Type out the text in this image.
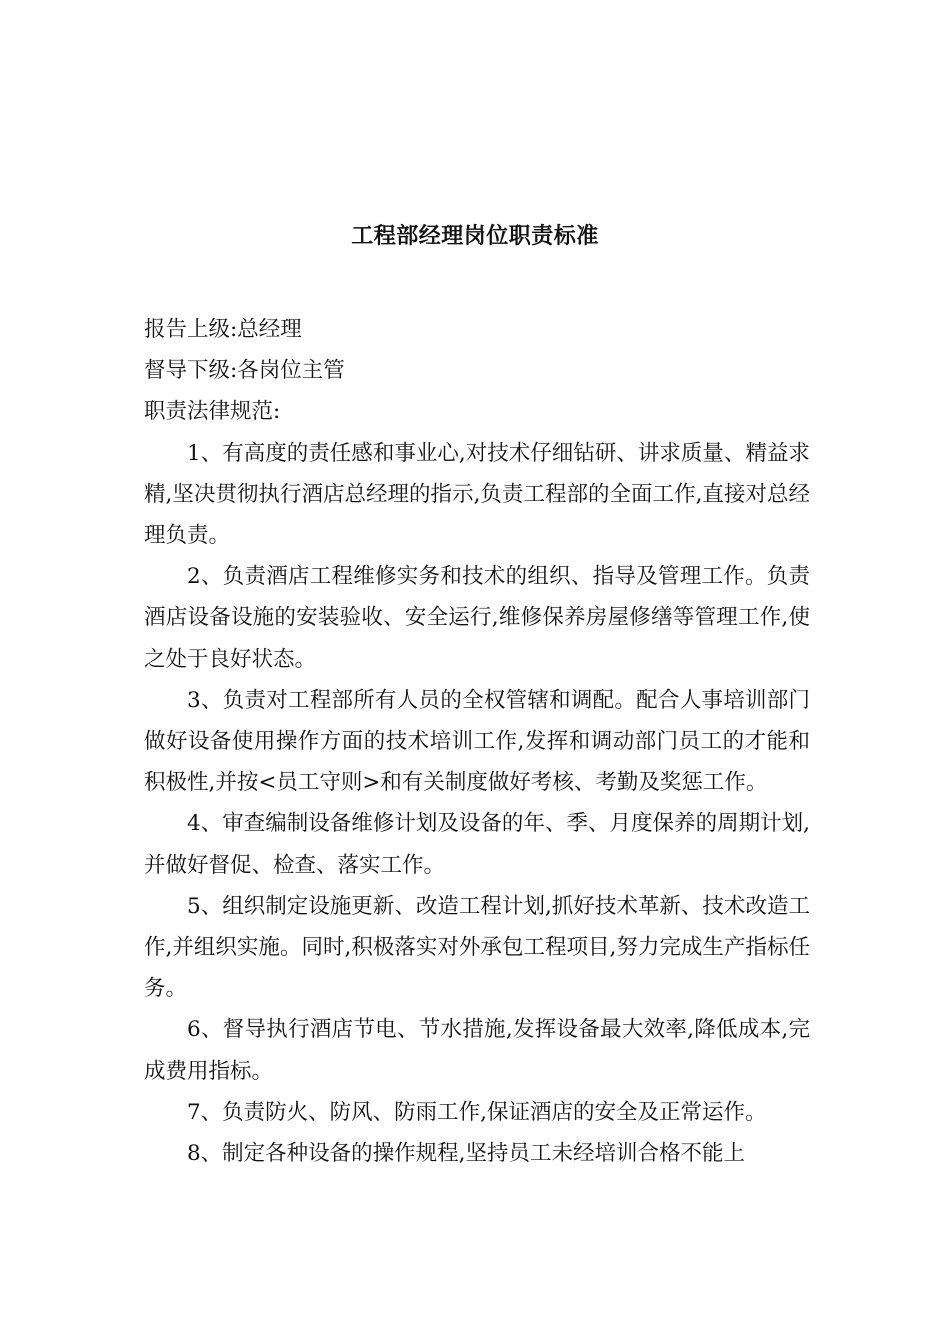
工程部经理岗位职责标准

报告上级:总经理

督导下级:各岗位主管

职责法律规范:

1、有高度的责任感和事业心,对技术仔细钻研、讲求质量、精益求精,坚决贯彻执行酒店总经理的指示,负责工程部的全面工作,直接对总经理负责。
2、负责酒店工程维修实务和技术的组织、指导及管理工作。负责酒店设备设施的安装验收、安全运行,维修保养房屋修缮等管理工作,使之处于良好状态。
3、负责对工程部所有人员的全权管辖和调配。配合人事培训部门做好设备使用操作方面的技术培训工作,发挥和调动部门员工的才能和积极性,并按<员工守则>和有关制度做好考核、考勤及奖惩工作。
4、审查编制设备维修计划及设备的年、季、月度保养的周期计划,并做好督促、检查、落实工作。
5、组织制定设施更新、改造工程计划,抓好技术革新、技术改造工作,并组织实施。同时,积极落实对外承包工程项目,努力完成生产指标任务。
6、督导执行酒店节电、节水措施,发挥设备最大效率,降低成本,完成费用指标。
7、负责防火、防风、防雨工作,保证酒店的安全及正常运作。
8、制定各种设备的操作规程,坚持员工未经培训合格不能上
